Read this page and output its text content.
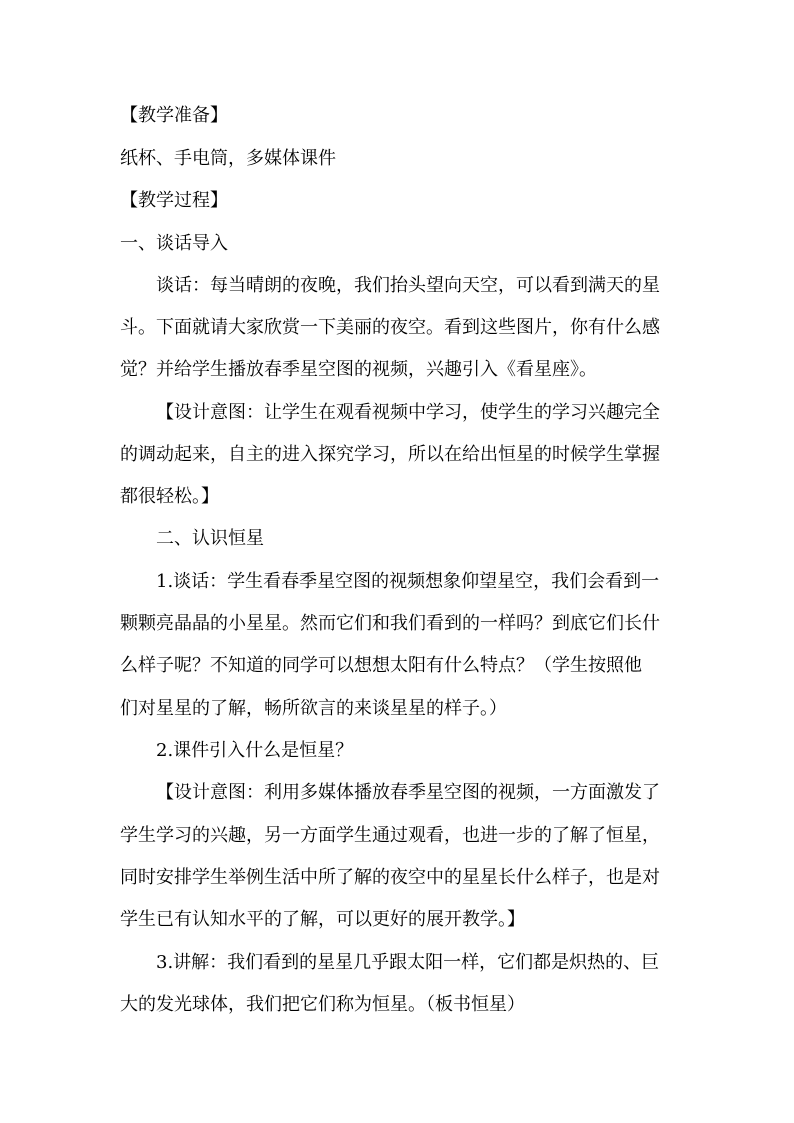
【教学准备】
纸杯、手电筒，多媒体课件
【教学过程】
一、谈话导入
谈话：每当晴朗的夜晚，我们抬头望向天空，可以看到满天的星
斗。下面就请大家欣赏一下美丽的夜空。看到这些图片，你有什么感
觉？并给学生播放春季星空图的视频，兴趣引入《看星座》。
【设计意图：让学生在观看视频中学习，使学生的学习兴趣完全
的调动起来，自主的进入探究学习，所以在给出恒星的时候学生掌握
都很轻松。】
二、认识恒星
1.谈话：学生看春季星空图的视频想象仰望星空，我们会看到一
颗颗亮晶晶的小星星。然而它们和我们看到的一样吗？到底它们长什
么样子呢？不知道的同学可以想想太阳有什么特点？（学生按照他
们对星星的了解，畅所欲言的来谈星星的样子。）
2.课件引入什么是恒星？
【设计意图：利用多媒体播放春季星空图的视频，一方面激发了
学生学习的兴趣，另一方面学生通过观看，也进一步的了解了恒星，
同时安排学生举例生活中所了解的夜空中的星星长什么样子，也是对
学生已有认知水平的了解，可以更好的展开教学。】
3.讲解：我们看到的星星几乎跟太阳一样，它们都是炽热的、巨
大的发光球体，我们把它们称为恒星。（板书恒星）
